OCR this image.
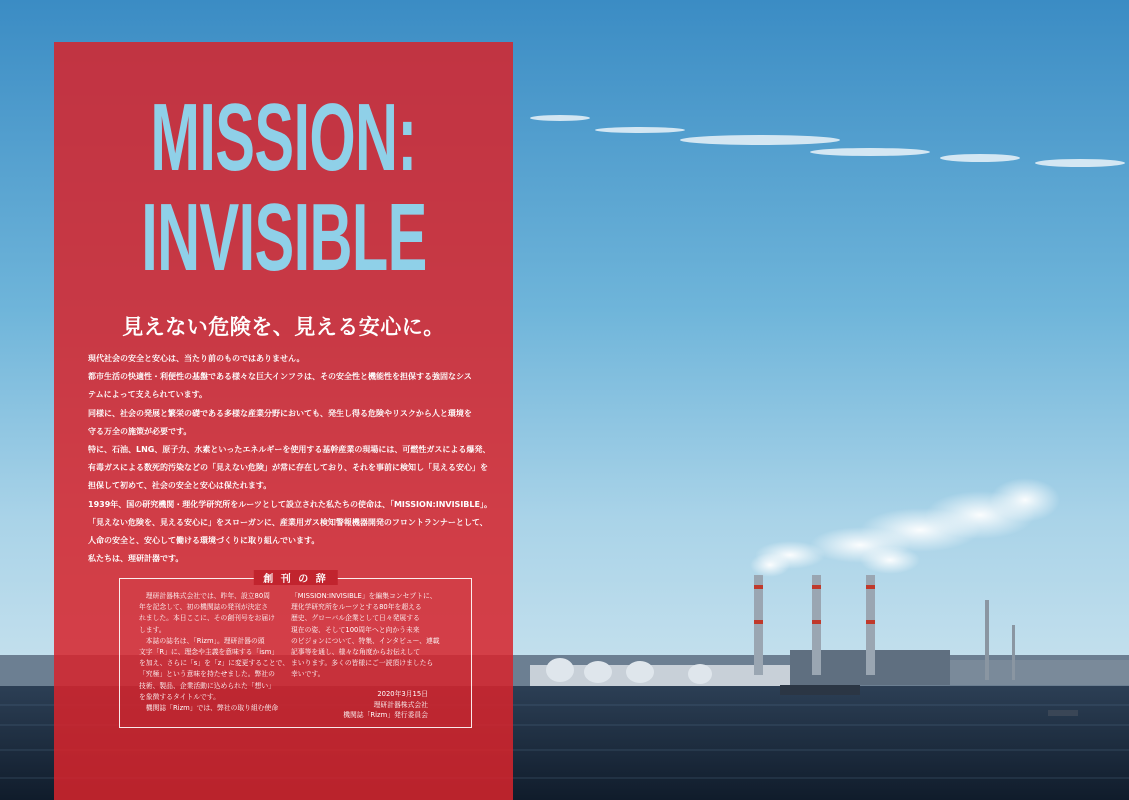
MISSION:
INVISIBLE

見えない危険を、見える安心に。

現代社会の安全と安心は、当たり前のものではありません。
都市生活の快適性・利便性の基盤である様々な巨大インフラは、その安全性と機能性を担保する強固なシス
テムによって支えられています。
同様に、社会の発展と繁栄の礎である多様な産業分野においても、発生し得る危険やリスクから人と環境を
守る万全の施策が必要です。
特に、石油、LNG、原子力、水素といったエネルギーを使用する基幹産業の現場には、可燃性ガスによる爆発、
有毒ガスによる数死的汚染などの「見えない危険」が常に存在しており、それを事前に検知し「見える安心」を
担保して初めて、社会の安全と安心は保たれます。
1939年、国の研究機関・理化学研究所をルーツとして設立された私たちの使命は、「MISSION:INVISIBLE」。
「見えない危険を、見える安心に」をスローガンに、産業用ガス検知警報機器開発のフロントランナーとして、
人命の安全と、安心して働ける環境づくりに取り組んでいます。
私たちは、理研計器です。

創 刊 の 辞
　理研計器株式会社では、昨年、設立80周
年を記念して、初の機関誌の発刊が決定さ
れました。本日ここに、その創刊号をお届け
します。
　本誌の誌名は、「Rizm」。理研計器の頭
文字「R」に、理念や主義を意味する「ism」
を加え、さらに「s」を「z」に変更することで、
「究極」という意味を持たせました。弊社の
技術、製品、企業活動に込められた「想い」
を象徴するタイトルです。
　機関誌「Rizm」では、弊社の取り組む使命
「MISSION:INVISIBLE」を編集コンセプトに、
理化学研究所をルーツとする80年を超える
歴史、グローバル企業として日々発展する
現在の姿、そして100周年へと向かう未来
のビジョンについて、特集、インタビュー、連載
記事等を通し、様々な角度からお伝えして
まいります。多くの皆様にご一読頂けましたら
幸いです。
2020年3月15日
理研計器株式会社
機関誌「Rizm」発行委員会
